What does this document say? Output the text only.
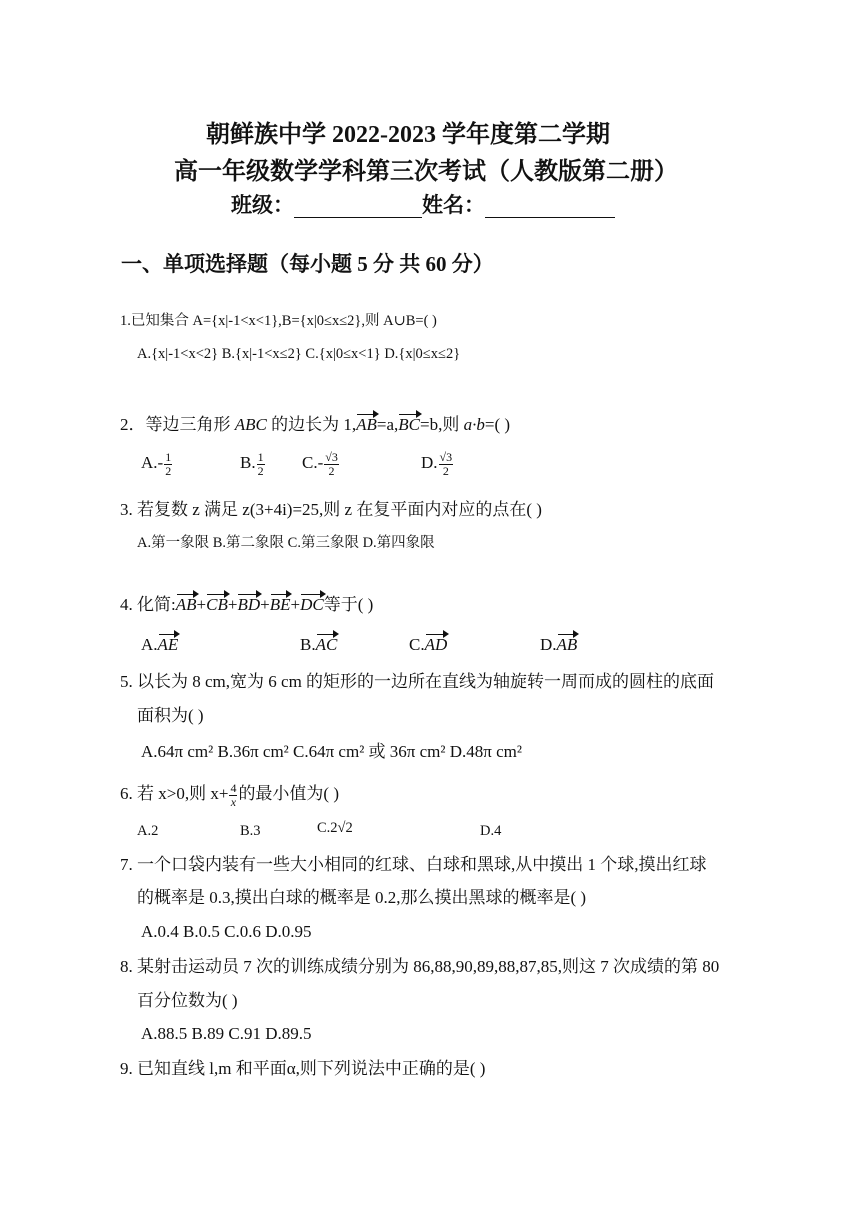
朝鲜族中学 2022-2023 学年度第二学期
高一年级数学学科第三次考试（人教版第二册）
班级：	姓名：
一、单项选择题（每小题 5 分 共 60 分）
1.已知集合 A={x|-1<x<1},B={x|0≤x≤2},则 A∪B=( )
A.{x|-1<x<2} B.{x|-1<x≤2} C.{x|0≤x<1} D.{x|0≤x≤2}
2．等边三角形 ABC 的边长为 1,AB=a,BC=b,则 a·b=( )
$A.- \frac{1}{2}$	B. $\frac{1}{2} C.- \frac{√3}{2}$	D. $\frac{√3}{2}$
3. 若复数 z 满足 z(3+4i)=25,则 z 在复平面内对应的点在( )
A.第一象限 B.第二象限 C.第三象限 D.第四象限
4. 化简:AB+CB+BD+BE+DC等于( )
A.AE	B.AC	C.AD	D.AB
5. 以长为 8 cm,宽为 6 cm 的矩形的一边所在直线为轴旋转一周而成的圆柱的底面
面积为( )
A.64π cm² B.36π cm² C.64π cm² 或 36π cm² D.48π cm²
6. 若 x>0,则 $x+ \frac{4}{x}$ 的最小值为( )
A.2	B.3	C.2√2	D.4
7. 一个口袋内装有一些大小相同的红球、白球和黑球,从中摸出 1 个球,摸出红球
的概率是 0.3,摸出白球的概率是 0.2,那么摸出黑球的概率是( )
A.0.4 B.0.5 C.0.6 D.0.95
8. 某射击运动员 7 次的训练成绩分别为 86,88,90,89,88,87,85,则这 7 次成绩的第 80
百分位数为( )
A.88.5 B.89 C.91 D.89.5
9. 已知直线 l,m 和平面α,则下列说法中正确的是( )
